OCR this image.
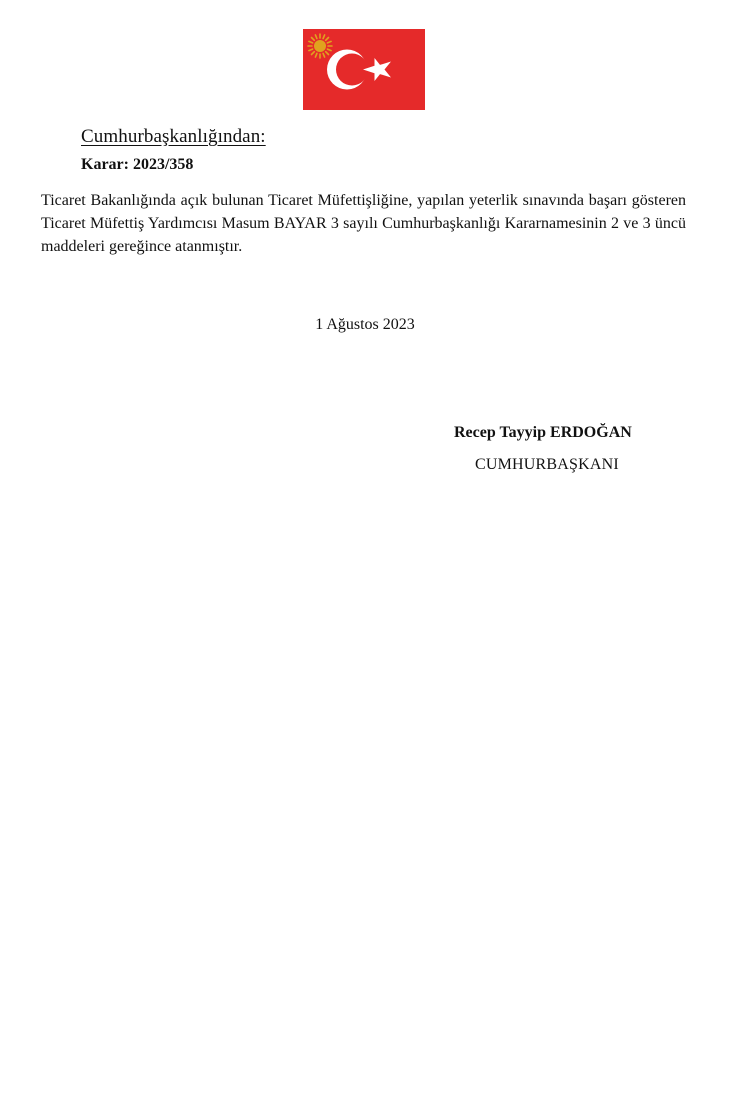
Cumhurbaşkanlığından:
Karar: 2023/358

Ticaret Bakanlığında açık bulunan Ticaret Müfettişliğine, yapılan yeterlik sınavında başarı gösteren Ticaret Müfettiş Yardımcısı Masum BAYAR 3 sayılı Cumhurbaşkanlığı Kararnamesinin 2 ve 3 üncü maddeleri gereğince atanmıştır.

1 Ağustos 2023
Recep Tayyip ERDOĞAN
CUMHURBAŞKANI
